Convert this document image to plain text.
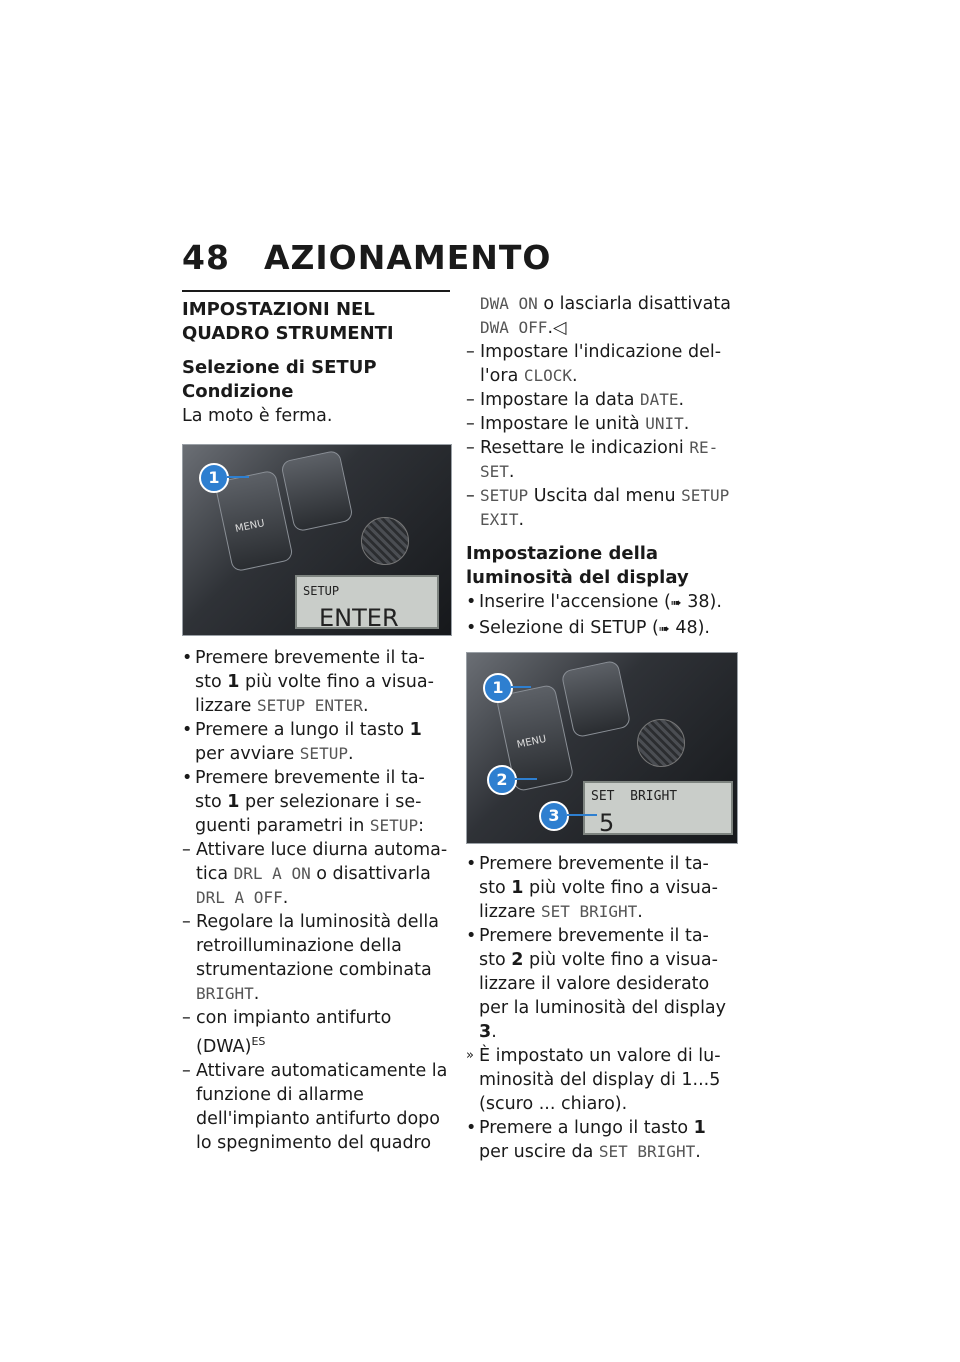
48 AZIONAMENTO
IMPOSTAZIONI NEL QUADRO STRUMENTI
Selezione di SETUP
Condizione

La moto è ferma.

MENU
SETUP
ENTER
1
• Premere brevemente il ta- sto 1 più volte fino a visua- lizzare SETUP ENTER.
• Premere a lungo il tasto 1 per avviare SETUP.
• Premere brevemente il ta- sto 1 per selezionare i se- guenti parametri in SETUP:
– Attivare luce diurna automa- tica DRL A ON o disattivarla DRL A OFF.
– Regolare la luminosità della retroilluminazione della strumentazione combinata BRIGHT.
– con impianto antifurto (DWA)$^{ES}$
– Attivare automaticamente la funzione di allarme dell'impianto antifurto dopo lo spegnimento del quadro
DWA ON o lasciarla disattivata DWA OFF.◁
– Impostare l'indicazione del- l'ora CLOCK.
– Impostare la data DATE.
– Impostare le unità UNIT.
– Resettare le indicazioni RE- SET.
– SETUP Uscita dal menu SETUP EXIT.
Impostazione della luminosità del display
• Inserire l'accensione (➠ 38).
• Selezione di SETUP (➠ 48).
MENU
SET  BRIGHT
5
1
2
3
• Premere brevemente il ta- sto 1 più volte fino a visua- lizzare SET BRIGHT.
• Premere brevemente il ta- sto 2 più volte fino a visua- lizzare il valore desiderato per la luminosità del display 3.
» È impostato un valore di lu- minosità del display di 1...5 (scuro ... chiaro).
• Premere a lungo il tasto 1 per uscire da SET BRIGHT.
